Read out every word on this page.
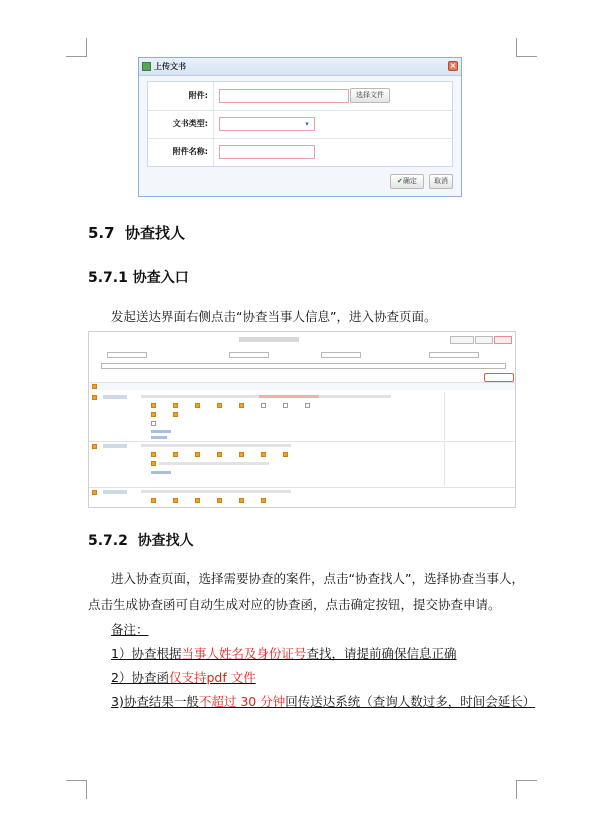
上传文书	×
附件:	选择文件
文书类型:	▾
附件名称:
✔确定 取消
5.7 协查找人
5.7.1 协查入口
发起送达界面右侧点击“协查当事人信息”，进入协查页面。
5.7.2 协查找人
进入协查页面，选择需要协查的案件，点击“协查找人”，选择协查当事人，
点击生成协查函可自动生成对应的协查函，点击确定按钮，提交协查申请。
备注：
1）协查根据当事人姓名及身份证号查找，请提前确保信息正确
2）协查函仅支持pdf 文件
3)协查结果一般不超过 30 分钟回传送达系统（查询人数过多，时间会延长）
